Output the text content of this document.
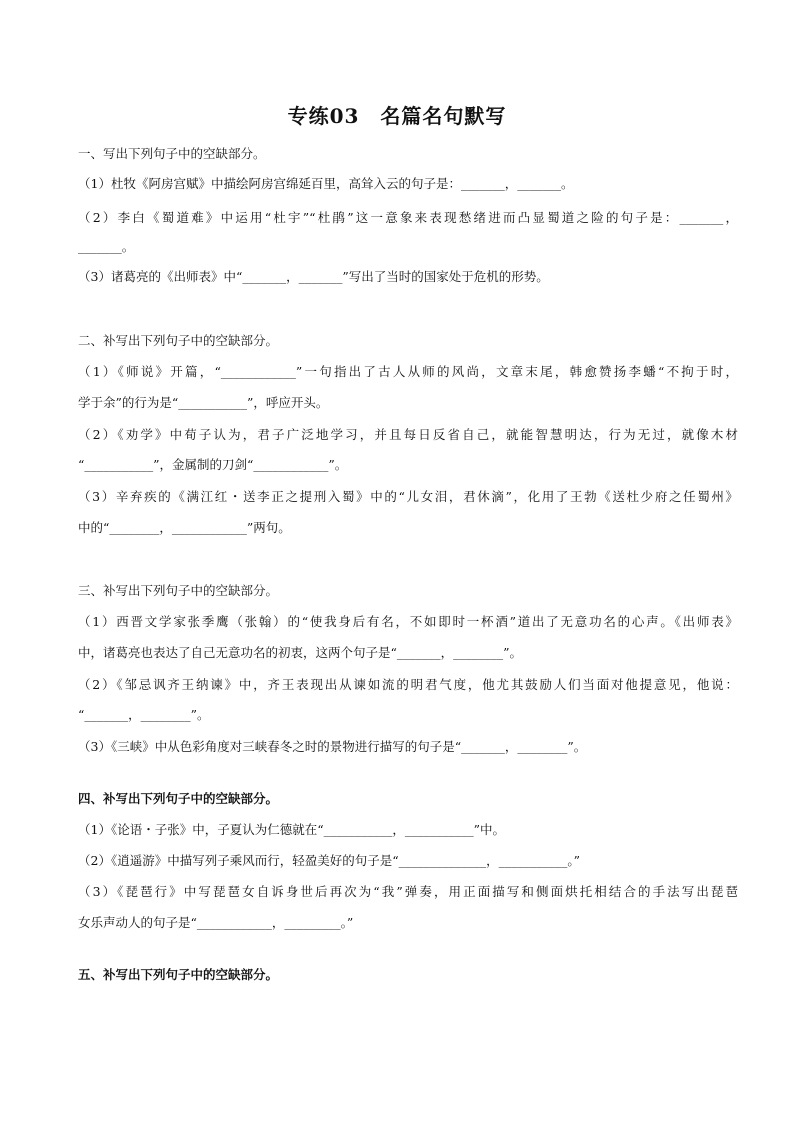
专练03　名篇名句默写
一、写出下列句子中的空缺部分。
（1）杜牧《阿房宫赋》中描绘阿房宫绵延百里，高耸入云的句子是：_______，_______。
（2）李白《蜀道难》中运用“杜宇”“杜鹃”这一意象来表现愁绪进而凸显蜀道之险的句子是：_______，
_______。
（3）诸葛亮的《出师表》中“_______，_______”写出了当时的国家处于危机的形势。
二、补写出下列句子中的空缺部分。
（1）《师说》开篇，“____________”一句指出了古人从师的风尚，文章末尾，韩愈赞扬李蟠“不拘于时，
学于余”的行为是“___________”，呼应开头。
（2）《劝学》中荀子认为，君子广泛地学习，并且每日反省自己，就能智慧明达，行为无过，就像木材
“___________”，金属制的刀剑“____________”。
（3）辛弃疾的《满江红・送李正之提刑入蜀》中的“儿女泪，君休滴”，化用了王勃《送杜少府之任蜀州》
中的“________，____________”两句。
三、补写出下列句子中的空缺部分。
（1）西晋文学家张季鹰（张翰）的“使我身后有名，不如即时一杯酒”道出了无意功名的心声。《出师表》
中，诸葛亮也表达了自己无意功名的初衷，这两个句子是“_______，________”。
（2）《邹忌讽齐王纳谏》中，齐王表现出从谏如流的明君气度，他尤其鼓励人们当面对他提意见，他说：
“_______，________”。
（3）《三峡》中从色彩角度对三峡春冬之时的景物进行描写的句子是“_______，________”。
四、补写出下列句子中的空缺部分。
（1）《论语・子张》中，子夏认为仁德就在“___________，___________”中。
（2）《逍遥游》中描写列子乘风而行，轻盈美好的句子是“______________，___________。”
（3）《琵琶行》中写琵琶女自诉身世后再次为“我”弹奏，用正面描写和侧面烘托相结合的手法写出琵琶
女乐声动人的句子是“____________，_________。”
五、补写出下列句子中的空缺部分。
